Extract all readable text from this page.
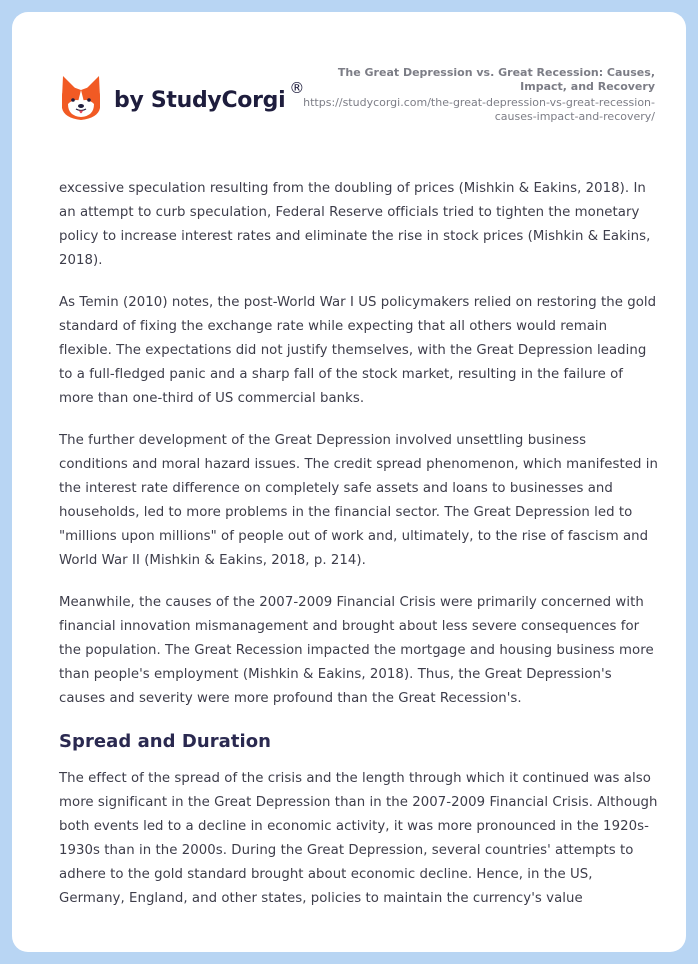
by StudyCorgi ®
The Great Depression vs. Great Recession: Causes, Impact, and Recovery
https://studycorgi.com/the-great-depression-vs-great-recession-causes-impact-and-recovery/

excessive speculation resulting from the doubling of prices (Mishkin & Eakins, 2018). In an attempt to curb speculation, Federal Reserve officials tried to tighten the monetary policy to increase interest rates and eliminate the rise in stock prices (Mishkin & Eakins, 2018).

As Temin (2010) notes, the post-World War I US policymakers relied on restoring the gold standard of fixing the exchange rate while expecting that all others would remain flexible. The expectations did not justify themselves, with the Great Depression leading to a full-fledged panic and a sharp fall of the stock market, resulting in the failure of more than one-third of US commercial banks.

The further development of the Great Depression involved unsettling business conditions and moral hazard issues. The credit spread phenomenon, which manifested in the interest rate difference on completely safe assets and loans to businesses and households, led to more problems in the financial sector. The Great Depression led to "millions upon millions" of people out of work and, ultimately, to the rise of fascism and World War II (Mishkin & Eakins, 2018, p. 214).

Meanwhile, the causes of the 2007-2009 Financial Crisis were primarily concerned with financial innovation mismanagement and brought about less severe consequences for the population. The Great Recession impacted the mortgage and housing business more than people's employment (Mishkin & Eakins, 2018). Thus, the Great Depression's causes and severity were more profound than the Great Recession's.

Spread and Duration

The effect of the spread of the crisis and the length through which it continued was also more significant in the Great Depression than in the 2007-2009 Financial Crisis. Although both events led to a decline in economic activity, it was more pronounced in the 1920s-1930s than in the 2000s. During the Great Depression, several countries' attempts to adhere to the gold standard brought about economic decline. Hence, in the US, Germany, England, and other states, policies to maintain the currency's value
